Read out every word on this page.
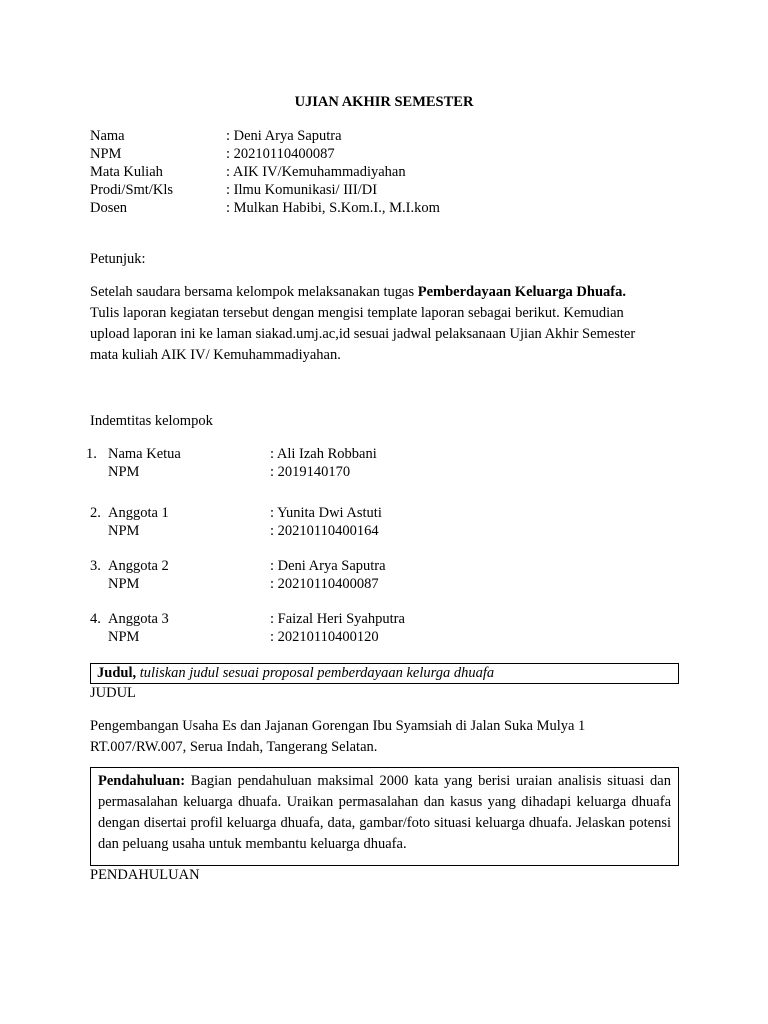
UJIAN AKHIR SEMESTER
Nama	: Deni Arya Saputra
NPM	: 20210110400087
Mata Kuliah	: AIK IV/Kemuhammadiyahan
Prodi/Smt/Kls	: Ilmu Komunikasi/ III/DI
Dosen	: Mulkan Habibi, S.Kom.I., M.I.kom
Petunjuk:
Setelah saudara bersama kelompok melaksanakan tugas Pemberdayaan Keluarga Dhuafa.
Tulis laporan kegiatan tersebut dengan mengisi template laporan sebagai berikut. Kemudian
upload laporan ini ke laman siakad.umj.ac,id sesuai jadwal pelaksanaan Ujian Akhir Semester
mata kuliah AIK IV/ Kemuhammadiyahan.
Indemtitas kelompok
1. Nama Ketua	: Ali Izah Robbani
NPM	: 2019140170
2. Anggota 1	: Yunita Dwi Astuti
NPM	: 20210110400164
3. Anggota 2	: Deni Arya Saputra
NPM	: 20210110400087
4. Anggota 3	: Faizal Heri Syahputra
NPM	: 20210110400120
Judul, tuliskan judul sesuai proposal pemberdayaan kelurga dhuafa
JUDUL
Pengembangan Usaha Es dan Jajanan Gorengan Ibu Syamsiah di Jalan Suka Mulya 1
RT.007/RW.007, Serua Indah, Tangerang Selatan.
Pendahuluan: Bagian pendahuluan maksimal 2000 kata yang berisi uraian analisis situasi dan permasalahan keluarga dhuafa. Uraikan permasalahan dan kasus yang dihadapi keluarga dhuafa dengan disertai profil keluarga dhuafa, data, gambar/foto situasi keluarga dhuafa. Jelaskan potensi dan peluang usaha untuk membantu keluarga dhuafa.
PENDAHULUAN
